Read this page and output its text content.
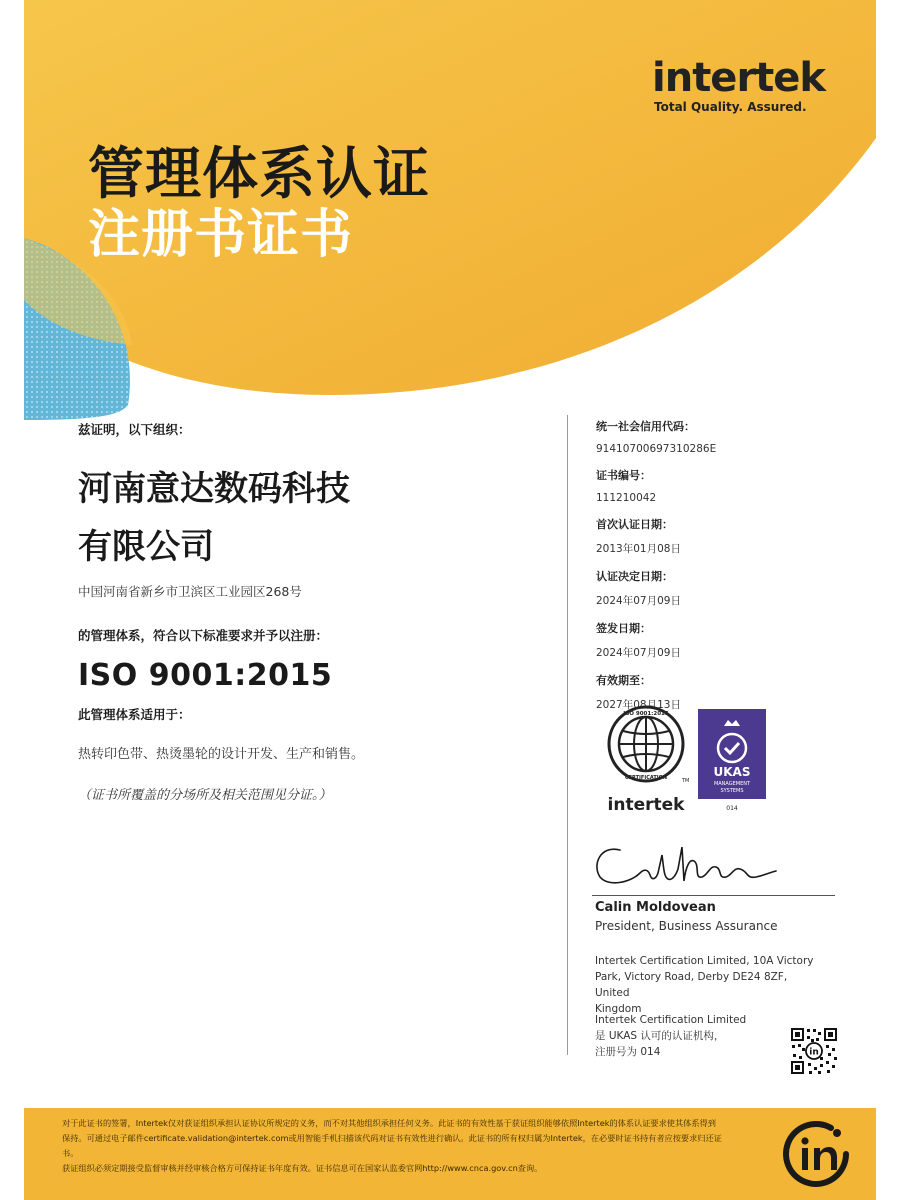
intertek
Total Quality. Assured.
管理体系认证
注册书证书
兹证明，以下组织：
河南意达数码科技
有限公司
中国河南省新乡市卫滨区工业园区268号
的管理体系，符合以下标准要求并予以注册：
ISO 9001:2015
此管理体系适用于：
热转印色带、热烫墨轮的设计开发、生产和销售。
（证书所覆盖的分场所及相关范围见分证。）
统一社会信用代码：
91410700697310286E
证书编号：
111210042
首次认证日期：
2013年01月08日
认证决定日期：
2024年07月09日
签发日期：
2024年07月09日
有效期至：
2027年08月13日
ISO 9001:2015
CERTIFICATION	TM
intertek
UKAS
MANAGEMENT
SYSTEMS
014
Calin Moldovean
President, Business Assurance
Intertek Certification Limited, 10A Victory
Park, Victory Road, Derby DE24 8ZF, United
Kingdom
Intertek Certification Limited
是 UKAS 认可的认证机构，
注册号为 014	in
对于此证书的签署，Intertek仅对获证组织承担认证协议所规定的义务，而不对其他组织承担任何义务。此证书的有效性基于获证组织能够依照Intertek的体系认证要求使其体系得到
保持。可通过电子邮件certificate.validation@intertek.com或用智能手机扫描该代码对证书有效性进行确认。此证书的所有权归属为Intertek，在必要时证书持有者应按要求归还证
书。
获证组织必须定期接受监督审核并经审核合格方可保持证书年度有效。证书信息可在国家认监委官网http://www.cnca.gov.cn查询。
